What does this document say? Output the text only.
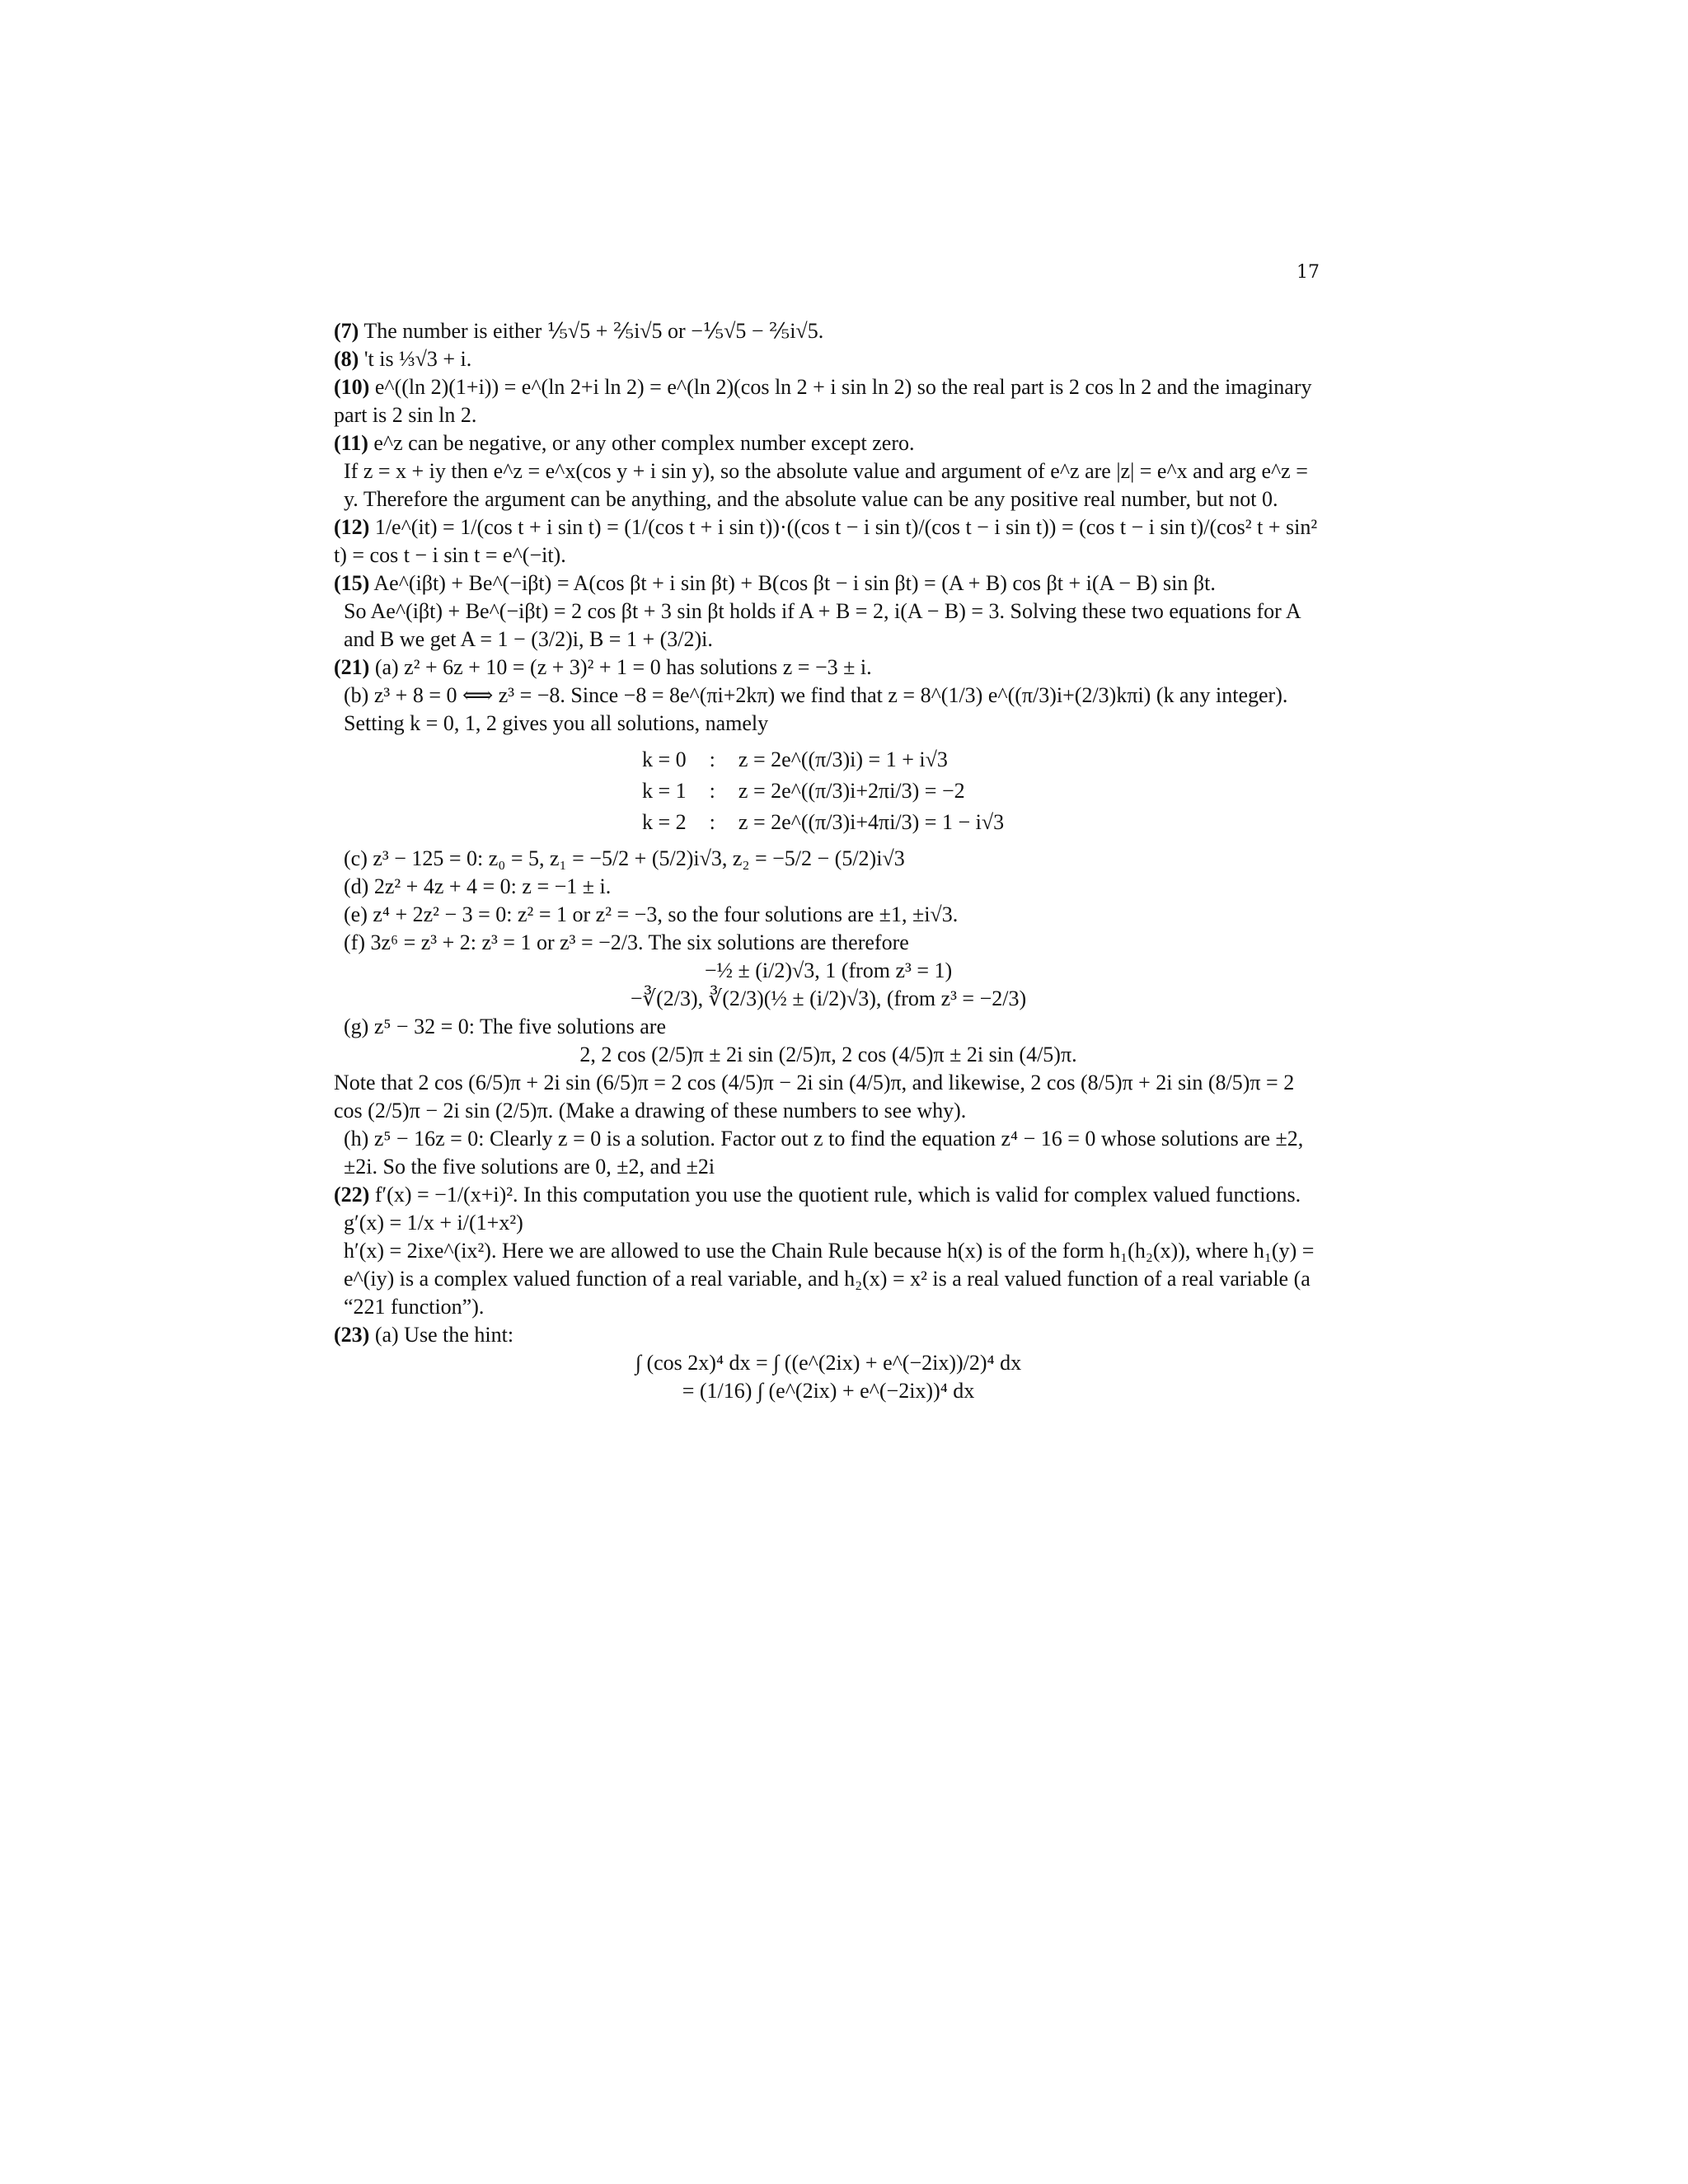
17

(7) The number is either ⅕√5 + ⅖i√5 or −⅕√5 − ⅖i√5.

(8) 't is ⅓√3 + i.

(10) e^((ln 2)(1+i)) = e^(ln 2+i ln 2) = e^(ln 2)(cos ln 2 + i sin ln 2) so the real part is 2 cos ln 2 and the imaginary part is 2 sin ln 2.

(11) e^z can be negative, or any other complex number except zero.

If z = x + iy then e^z = e^x(cos y + i sin y), so the absolute value and argument of e^z are |z| = e^x and arg e^z = y. Therefore the argument can be anything, and the absolute value can be any positive real number, but not 0.

(12) 1/e^(it) = 1/(cos t + i sin t) = (1/(cos t + i sin t))·((cos t − i sin t)/(cos t − i sin t)) = (cos t − i sin t)/(cos² t + sin² t) = cos t − i sin t = e^(−it).

(15) Ae^(iβt) + Be^(−iβt) = A(cos βt + i sin βt) + B(cos βt − i sin βt) = (A + B) cos βt + i(A − B) sin βt.

So Ae^(iβt) + Be^(−iβt) = 2 cos βt + 3 sin βt holds if A + B = 2, i(A − B) = 3. Solving these two equations for A and B we get A = 1 − (3/2)i, B = 1 + (3/2)i.

(21) (a) z² + 6z + 10 = (z + 3)² + 1 = 0 has solutions z = −3 ± i.

(b) z³ + 8 = 0 ⟺ z³ = −8. Since −8 = 8e^(πi+2kπ) we find that z = 8^(1/3) e^((π/3)i+(2/3)kπi) (k any integer). Setting k = 0, 1, 2 gives you all solutions, namely

k = 0	:	z = 2e^((π/3)i) = 1 + i√3
k = 1	:	z = 2e^((π/3)i+2πi/3) = −2
k = 2	:	z = 2e^((π/3)i+4πi/3) = 1 − i√3

(c) z³ − 125 = 0: z₀ = 5, z₁ = −5/2 + (5/2)i√3, z₂ = −5/2 − (5/2)i√3

(d) 2z² + 4z + 4 = 0: z = −1 ± i.

(e) z⁴ + 2z² − 3 = 0: z² = 1 or z² = −3, so the four solutions are ±1, ±i√3.

(f) 3z⁶ = z³ + 2: z³ = 1 or z³ = −2/3. The six solutions are therefore

−½ ± (i/2)√3, 1 (from z³ = 1)

−∛(2/3), ∛(2/3)(½ ± (i/2)√3), (from z³ = −2/3)

(g) z⁵ − 32 = 0: The five solutions are

2, 2 cos (2/5)π ± 2i sin (2/5)π, 2 cos (4/5)π ± 2i sin (4/5)π.

Note that 2 cos (6/5)π + 2i sin (6/5)π = 2 cos (4/5)π − 2i sin (4/5)π, and likewise, 2 cos (8/5)π + 2i sin (8/5)π = 2 cos (2/5)π − 2i sin (2/5)π. (Make a drawing of these numbers to see why).

(h) z⁵ − 16z = 0: Clearly z = 0 is a solution. Factor out z to find the equation z⁴ − 16 = 0 whose solutions are ±2, ±2i. So the five solutions are 0, ±2, and ±2i

(22) f′(x) = −1/(x+i)². In this computation you use the quotient rule, which is valid for complex valued functions.

g′(x) = 1/x + i/(1+x²)

h′(x) = 2ixe^(ix²). Here we are allowed to use the Chain Rule because h(x) is of the form h₁(h₂(x)), where h₁(y) = e^(iy) is a complex valued function of a real variable, and h₂(x) = x² is a real valued function of a real variable (a “221 function”).

(23) (a) Use the hint:

∫ (cos 2x)⁴ dx = ∫ ((e^(2ix) + e^(−2ix))/2)⁴ dx

= (1/16) ∫ (e^(2ix) + e^(−2ix))⁴ dx
